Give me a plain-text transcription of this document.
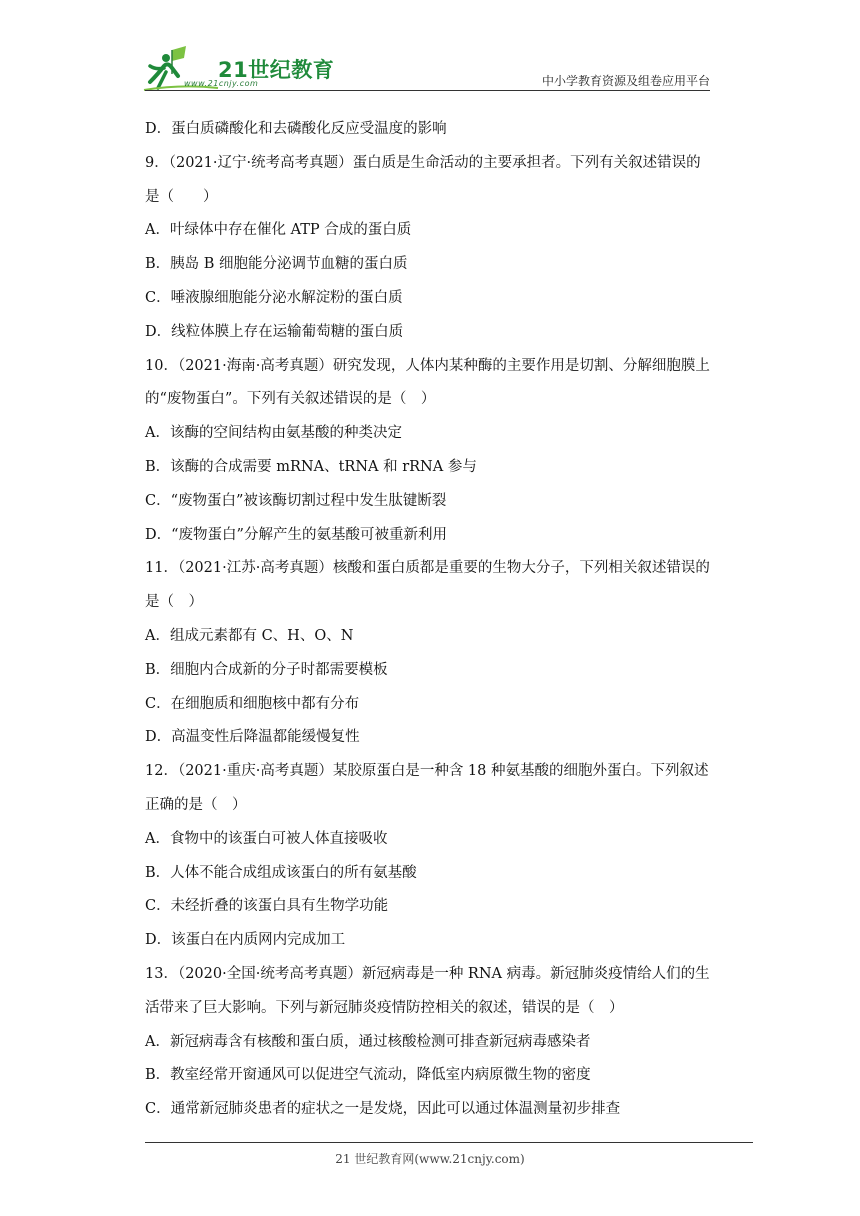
21世纪教育
www.21cnjy.com	中小学教育资源及组卷应用平台
D．蛋白质磷酸化和去磷酸化反应受温度的影响
9．（2021·辽宁·统考高考真题）蛋白质是生命活动的主要承担者。下列有关叙述错误的
是（　　）
A．叶绿体中存在催化 ATP 合成的蛋白质
B．胰岛 B 细胞能分泌调节血糖的蛋白质
C．唾液腺细胞能分泌水解淀粉的蛋白质
D．线粒体膜上存在运输葡萄糖的蛋白质
10．（2021·海南·高考真题）研究发现，人体内某种酶的主要作用是切割、分解细胞膜上
的“废物蛋白”。下列有关叙述错误的是（　）
A．该酶的空间结构由氨基酸的种类决定
B．该酶的合成需要 mRNA、tRNA 和 rRNA 参与
C．“废物蛋白”被该酶切割过程中发生肽键断裂
D．“废物蛋白”分解产生的氨基酸可被重新利用
11．（2021·江苏·高考真题）核酸和蛋白质都是重要的生物大分子，下列相关叙述错误的
是（　）
A．组成元素都有 C、H、O、N
B．细胞内合成新的分子时都需要模板
C．在细胞质和细胞核中都有分布
D．高温变性后降温都能缓慢复性
12．（2021·重庆·高考真题）某胶原蛋白是一种含 18 种氨基酸的细胞外蛋白。下列叙述
正确的是（　）
A．食物中的该蛋白可被人体直接吸收
B．人体不能合成组成该蛋白的所有氨基酸
C．未经折叠的该蛋白具有生物学功能
D．该蛋白在内质网内完成加工
13．（2020·全国·统考高考真题）新冠病毒是一种 RNA 病毒。新冠肺炎疫情给人们的生
活带来了巨大影响。下列与新冠肺炎疫情防控相关的叙述，错误的是（　）
A．新冠病毒含有核酸和蛋白质，通过核酸检测可排查新冠病毒感染者
B．教室经常开窗通风可以促进空气流动，降低室内病原微生物的密度
C．通常新冠肺炎患者的症状之一是发烧，因此可以通过体温测量初步排查
21 世纪教育网(www.21cnjy.com)
